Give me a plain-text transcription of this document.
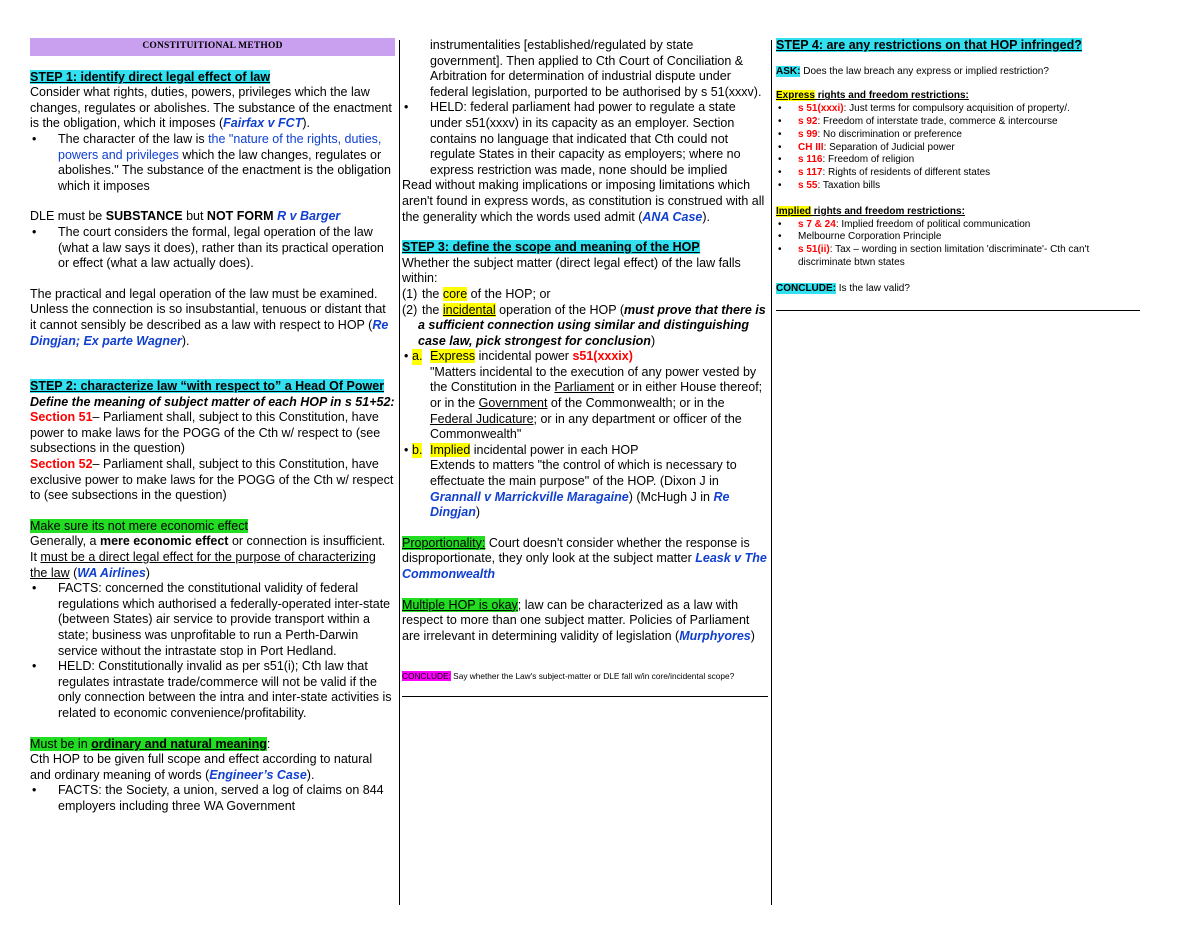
CONSTITUITIONAL METHOD

STEP 1: identify direct legal effect of law

Consider what rights, duties, powers, privileges which the law changes, regulates or abolishes. The substance of the enactment is the obligation, which it imposes (Fairfax v FCT).

• The character of the law is the "nature of the rights, duties, powers and privileges which the law changes, regulates or abolishes." The substance of the enactment is the obligation which it imposes

DLE must be SUBSTANCE but NOT FORM R v Barger

• The court considers the formal, legal operation of the law (what a law says it does), rather than its practical operation or effect (what a law actually does).

The practical and legal operation of the law must be examined. Unless the connection is so insubstantial, tenuous or distant that it cannot sensibly be described as a law with respect to HOP (Re Dingjan; Ex parte Wagner).

STEP 2: characterize law “with respect to” a Head Of Power

Define the meaning of subject matter of each HOP in s 51+52:

Section 51– Parliament shall, subject to this Constitution, have power to make laws for the POGG of the Cth w/ respect to (see subsections in the question)

Section 52– Parliament shall, subject to this Constitution, have exclusive power to make laws for the POGG of the Cth w/ respect to (see subsections in the question)

Make sure its not mere economic effect

Generally, a mere economic effect or connection is insufficient. It must be a direct legal effect for the purpose of characterizing the law (WA Airlines)

• FACTS: concerned the constitutional validity of federal regulations which authorised a federally-operated inter-state (between States) air service to provide transport within a state; business was unprofitable to run a Perth-Darwin service without the intrastate stop in Port Hedland.
• HELD: Constitutionally invalid as per s51(i); Cth law that regulates intrastate trade/commerce will not be valid if the only connection between the intra and inter-state activities is related to economic convenience/profitability.

Must be in ordinary and natural meaning:

Cth HOP to be given full scope and effect according to natural and ordinary meaning of words (Engineer’s Case).

• FACTS: the Society, a union, served a log of claims on 844 employers including three WA Government

instrumentalities [established/regulated by state government]. Then applied to Cth Court of Conciliation & Arbitration for determination of industrial dispute under federal legislation, purported to be authorised by s 51(xxxv).

• HELD: federal parliament had power to regulate a state under s51(xxxv) in its capacity as an employer. Section contains no language that indicated that Cth could not regulate States in their capacity as employers; where no express restriction was made, none should be implied

Read without making implications or imposing limitations which aren't found in express words, as constitution is construed with all the generality which the words used admit (ANA Case).

STEP 3: define the scope and meaning of the HOP

Whether the subject matter (direct legal effect) of the law falls within:

(1) the core of the HOP; or
(2) the incidental operation of the HOP (must prove that there is a sufficient connection using similar and distinguishing case law, pick strongest for conclusion)
• a. Express incidental power s51(xxxix)
"Matters incidental to the execution of any power vested by the Constitution in the Parliament or in either House thereof; or in the Government of the Commonwealth; or in the Federal Judicature; or in any department or officer of the Commonwealth"
• b. Implied incidental power in each HOP
Extends to matters "the control of which is necessary to effectuate the main purpose" of the HOP. (Dixon J in Grannall v Marrickville Maragaine) (McHugh J in Re Dingjan)

Proportionality: Court doesn't consider whether the response is disproportionate, they only look at the subject matter Leask v The Commonwealth

Multiple HOP is okay; law can be characterized as a law with respect to more than one subject matter. Policies of Parliament are irrelevant in determining validity of legislation (Murphyores)

CONCLUDE: Say whether the Law's subject-matter or DLE fall w/in core/incidental scope?

STEP 4: are any restrictions on that HOP infringed?

ASK: Does the law breach any express or implied restriction?

Express rights and freedom restrictions:

• s 51(xxxi): Just terms for compulsory acquisition of property/.
• s 92: Freedom of interstate trade, commerce & intercourse
• s 99: No discrimination or preference
• CH III: Separation of Judicial power
• s 116: Freedom of religion
• s 117: Rights of residents of different states
• s 55: Taxation bills

Implied rights and freedom restrictions:

• s 7 & 24: Implied freedom of political communication
• Melbourne Corporation Principle
• s 51(ii): Tax – wording in section limitation 'discriminate'- Cth can't discriminate btwn states

CONCLUDE: Is the law valid?
